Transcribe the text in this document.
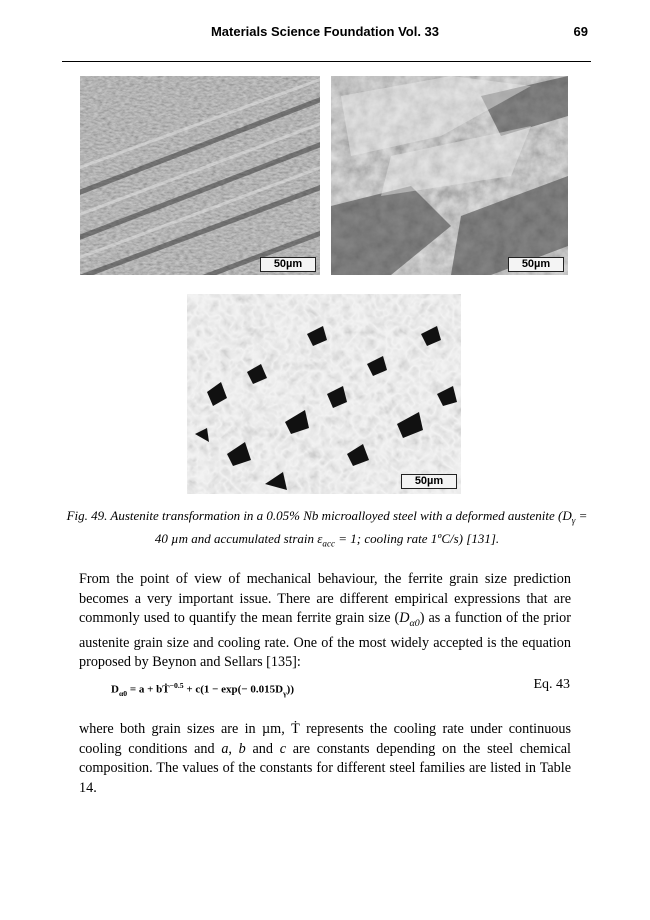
Materials Science Foundation Vol. 33	69
50µm	50µm
50µm
Fig. 49. Austenite transformation in a 0.05% Nb microalloyed steel with a deformed austenite ($D_\gamma = 40$ µm and accumulated strain $\varepsilon_{acc} = 1$; cooling rate 1ºC/s) [131].
From the point of view of mechanical behaviour, the ferrite grain size prediction becomes a very important issue. There are different empirical expressions that are commonly used to quantify the mean ferrite grain size $(D_{\alpha 0})$ as a function of the prior austenite grain size and cooling rate. One of the most widely accepted is the equation proposed by Beynon and Sellars [135]:
$D_{\alpha 0} = a$ + bṪ$^{-0.5}$ + $c(1 - \exp(- 0.015D_\gamma))$	Eq. 43
where both grain sizes are in µm, Ṫ represents the cooling rate under continuous cooling conditions and a, b and c are constants depending on the steel chemical composition. The values of the constants for different steel families are listed in Table 14.
